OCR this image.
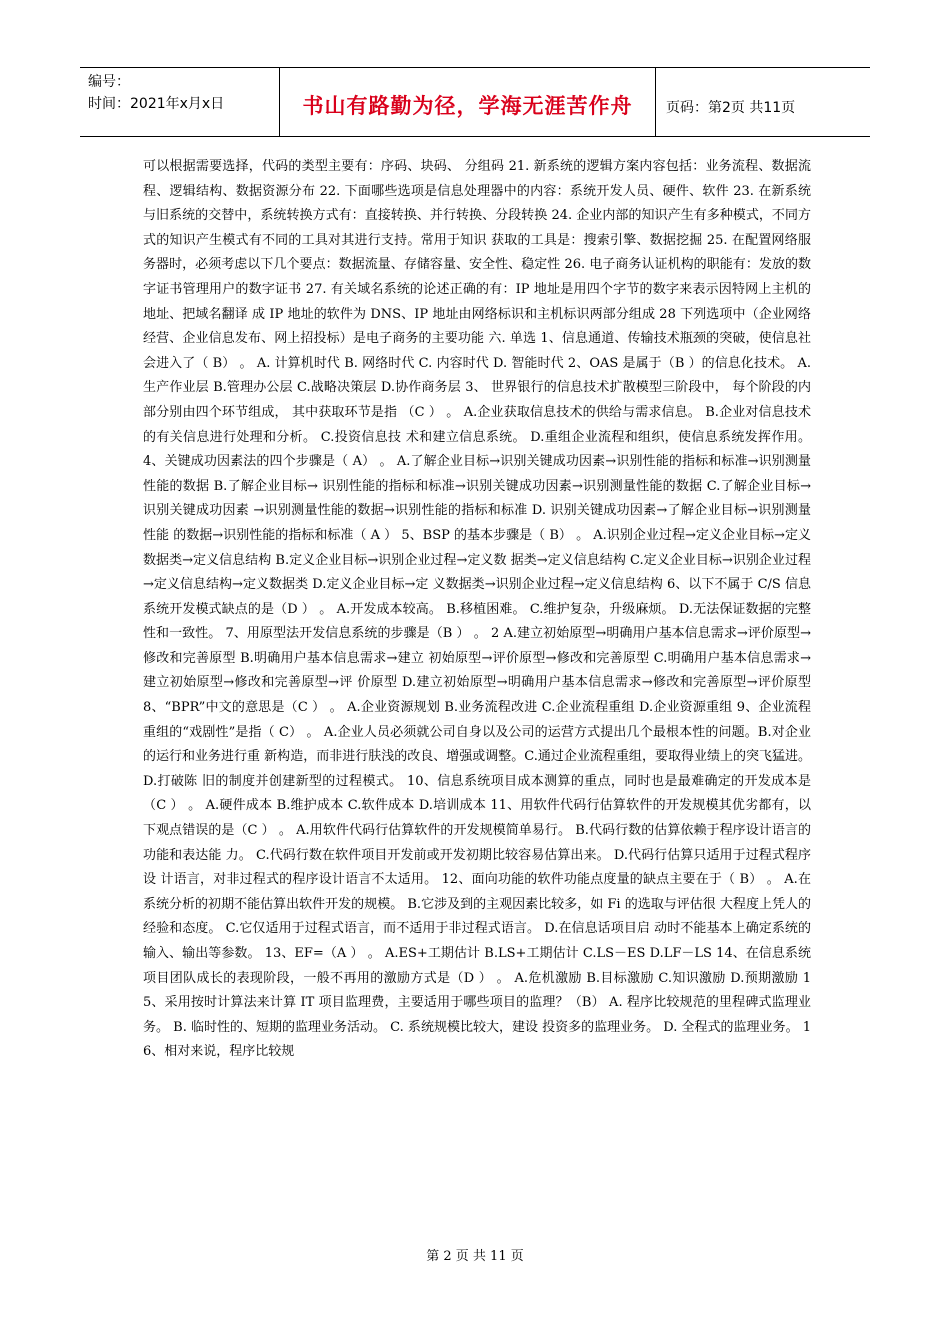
编号：
时间：2021年x月x日	书山有路勤为径，学海无涯苦作舟 页码：第2页 共11页

可以根据需要选择，代码的类型主要有：序码、块码、 分组码 21. 新系统的逻辑方案内容包括：业务流程、数据流程、逻辑结构、数据资源分布 22. 下面哪些选项是信息处理器中的内容：系统开发人员、硬件、软件 23. 在新系统与旧系统的交替中，系统转换方式有：直接转换、并行转换、分段转换 24. 企业内部的知识产生有多种模式，不同方式的知识产生模式有不同的工具对其进行支持。常用于知识 获取的工具是：搜索引擎、数据挖掘 25. 在配置网络服务器时，必须考虑以下几个要点：数据流量、存储容量、安全性、稳定性 26. 电子商务认证机构的职能有：发放的数字证书管理用户的数字证书 27. 有关域名系统的论述正确的有：IP 地址是用四个字节的数字来表示因特网上主机的地址、把域名翻译 成 IP 地址的软件为 DNS、IP 地址由网络标识和主机标识两部分组成 28 下列选项中（企业网络经营、企业信息发布、网上招投标）是电子商务的主要功能 六. 单选 1、信息通道、传输技术瓶颈的突破，使信息社会进入了（ B） 。 A. 计算机时代 B. 网络时代 C. 内容时代 D. 智能时代 2、OAS 是属于（B ）的信息化技术。 A.生产作业层 B.管理办公层 C.战略决策层 D.协作商务层 3、 世界银行的信息技术扩散模型三阶段中， 每个阶段的内部分别由四个环节组成， 其中获取环节是指 （C ） 。 A.企业获取信息技术的供给与需求信息。 B.企业对信息技术的有关信息进行处理和分析。 C.投资信息技 术和建立信息系统。 D.重组企业流程和组织，使信息系统发挥作用。 4、关键成功因素法的四个步骤是（ A） 。 A.了解企业目标→识别关键成功因素→识别性能的指标和标准→识别测量性能的数据 B.了解企业目标→ 识别性能的指标和标准→识别关键成功因素→识别测量性能的数据 C.了解企业目标→识别关键成功因素 →识别测量性能的数据→识别性能的指标和标准 D. 识别关键成功因素→了解企业目标→识别测量性能 的数据→识别性能的指标和标准（ A ） 5、BSP 的基本步骤是（ B） 。 A.识别企业过程→定义企业目标→定义数据类→定义信息结构 B.定义企业目标→识别企业过程→定义数 据类→定义信息结构 C.定义企业目标→识别企业过程→定义信息结构→定义数据类 D.定义企业目标→定 义数据类→识别企业过程→定义信息结构 6、以下不属于 C/S 信息系统开发模式缺点的是（D ） 。 A.开发成本较高。 B.移植困难。 C.维护复杂，升级麻烦。 D.无法保证数据的完整性和一致性。 7、用原型法开发信息系统的步骤是（B ） 。 2 A.建立初始原型→明确用户基本信息需求→评价原型→修改和完善原型 B.明确用户基本信息需求→建立 初始原型→评价原型→修改和完善原型 C.明确用户基本信息需求→建立初始原型→修改和完善原型→评 价原型 D.建立初始原型→明确用户基本信息需求→修改和完善原型→评价原型 8、“BPR”中文的意思是（C ） 。 A.企业资源规划 B.业务流程改进 C.企业流程重组 D.企业资源重组 9、企业流程重组的“戏剧性”是指（ C） 。 A.企业人员必须就公司自身以及公司的运营方式提出几个最根本性的问题。B.对企业的运行和业务进行重 新构造，而非进行肤浅的改良、增强或调整。C.通过企业流程重组，要取得业绩上的突飞猛进。 D.打破陈 旧的制度并创建新型的过程模式。 10、信息系统项目成本测算的重点，同时也是最难确定的开发成本是（C ） 。 A.硬件成本 B.维护成本 C.软件成本 D.培训成本 11、用软件代码行估算软件的开发规模其优劣都有，以下观点错误的是（C ） 。 A.用软件代码行估算软件的开发规模简单易行。 B.代码行数的估算依赖于程序设计语言的功能和表达能 力。 C.代码行数在软件项目开发前或开发初期比较容易估算出来。 D.代码行估算只适用于过程式程序设 计语言，对非过程式的程序设计语言不太适用。 12、面向功能的软件功能点度量的缺点主要在于（ B） 。 A.在系统分析的初期不能估算出软件开发的规模。 B.它涉及到的主观因素比较多，如 Fi 的选取与评估很 大程度上凭人的经验和态度。 C.它仅适用于过程式语言，而不适用于非过程式语言。 D.在信息话项目启 动时不能基本上确定系统的输入、输出等参数。 13、EF=（A ） 。 A.ES+工期估计 B.LS+工期估计 C.LS－ES D.LF－LS 14、在信息系统项目团队成长的表现阶段，一般不再用的激励方式是（D ） 。 A.危机激励 B.目标激励 C.知识激励 D.预期激励 15、采用按时计算法来计算 IT 项目监理费，主要适用于哪些项目的监理？（B） A. 程序比较规范的里程碑式监理业务。 B. 临时性的、短期的监理业务活动。 C. 系统规模比较大，建设 投资多的监理业务。 D. 全程式的监理业务。 16、相对来说，程序比较规

第 2 页 共 11 页
